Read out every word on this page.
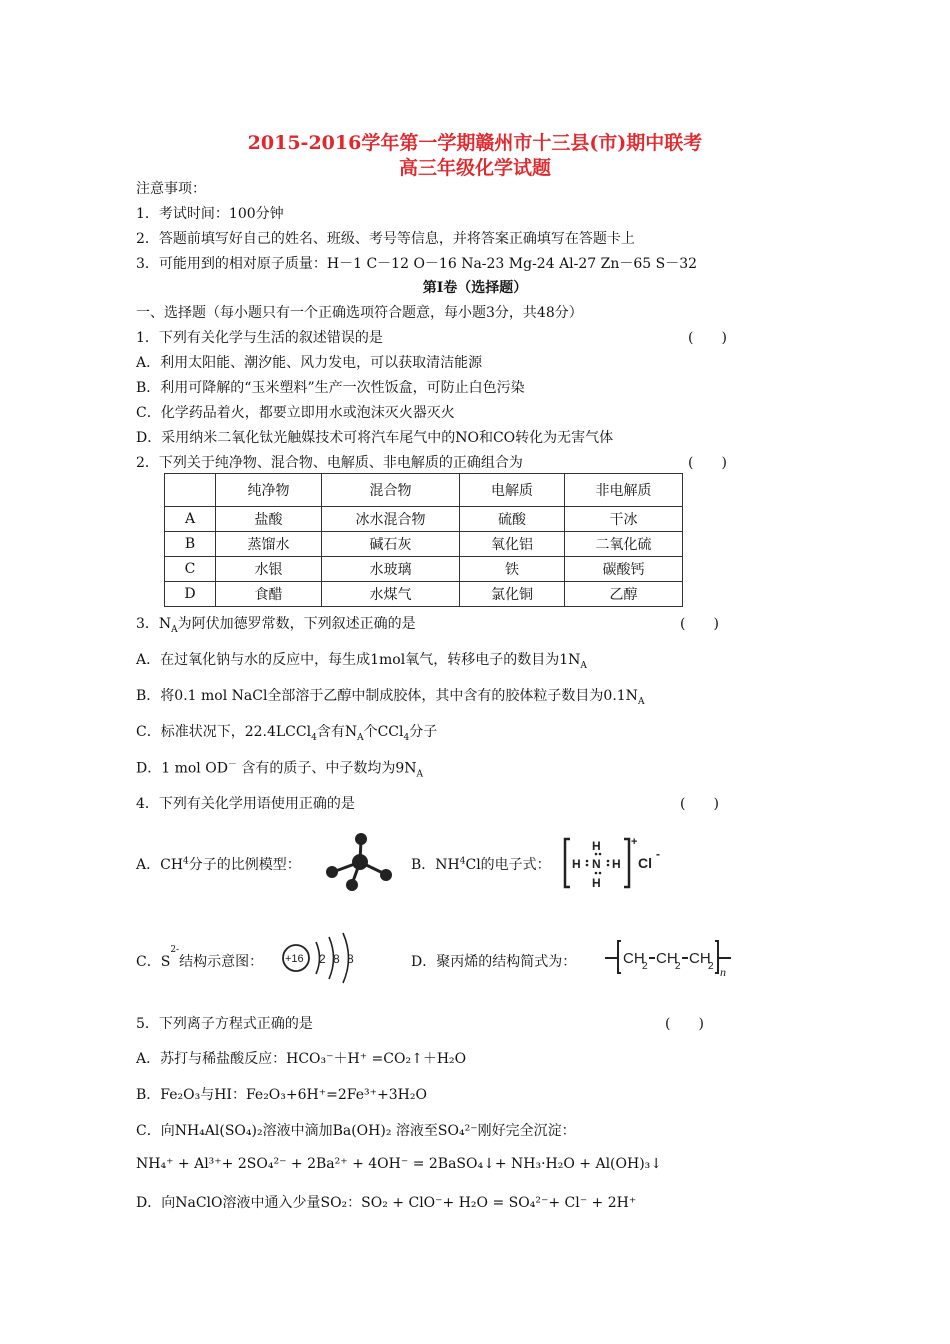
2015-2016学年第一学期赣州市十三县(市)期中联考
高三年级化学试题
注意事项：
1．考试时间：100分钟
2．答题前填写好自己的姓名、班级、考号等信息，并将答案正确填写在答题卡上
3．可能用到的相对原子质量：H－1 C－12 O－16 Na-23 Mg-24 Al-27 Zn－65 S－32
第Ⅰ卷（选择题）
一、选择题（每小题只有一个正确选项符合题意，每小题3分，共48分）
1．下列有关化学与生活的叙述错误的是	(　　)
A．利用太阳能、潮汐能、风力发电，可以获取清洁能源
B．利用可降解的“玉米塑料”生产一次性饭盒，可防止白色污染
C．化学药品着火，都要立即用水或泡沫灭火器灭火
D．采用纳米二氧化钛光触媒技术可将汽车尾气中的NO和CO转化为无害气体
2．下列关于纯净物、混合物、电解质、非电解质的正确组合为	(　　)
	纯净物	混合物	电解质	非电解质
A	盐酸	冰水混合物	硫酸	干冰
B	蒸馏水	碱石灰	氧化铝	二氧化硫
C	水银	水玻璃	铁	碳酸钙
D	食醋	水煤气	氯化铜	乙醇
3．$N_A$为阿伏加德罗常数，下列叙述正确的是	(　　)
A．在过氧化钠与水的反应中，每生成1mol氧气，转移电子的数目为$1N_A$
B．将0.1 mol NaCl全部溶于乙醇中制成胶体，其中含有的胶体粒子数目为$0.1N_A$
C．标准状况下，22.4LCCl$_4$含有$N_A$个CCl$_4$分子
D．1 mol OD－ 含有的质子、中子数均为$9N_A$
4．下列有关化学用语使用正确的是	(　　)
A．$CH^4$分子的比例模型：	B．$NH^4Cl$的电子式：
H
H N H
H
+
Cl
-
C．$S^{2-}$结构示意图： +16 2 8 8	D．聚丙烯的结构简式为：	CH
2 CH
2 CH
2 n
5．下列离子方程式正确的是	(　　)
A．苏打与稀盐酸反应：HCO₃⁻＋H⁺ =CO₂↑＋H₂O
B．Fe₂O₃与HI：Fe₂O₃+6H⁺=2Fe³⁺+3H₂O
C．向NH₄Al(SO₄)₂溶液中滴加Ba(OH)₂ 溶液至SO₄²⁻刚好完全沉淀：
NH₄⁺ + Al³⁺+ 2SO₄²⁻ + 2Ba²⁺ + 4OH⁻ = 2BaSO₄↓+ NH₃·H₂O + Al(OH)₃↓
D．向NaClO溶液中通入少量SO₂：SO₂ + ClO⁻+ H₂O = SO₄²⁻+ Cl⁻ + 2H⁺
